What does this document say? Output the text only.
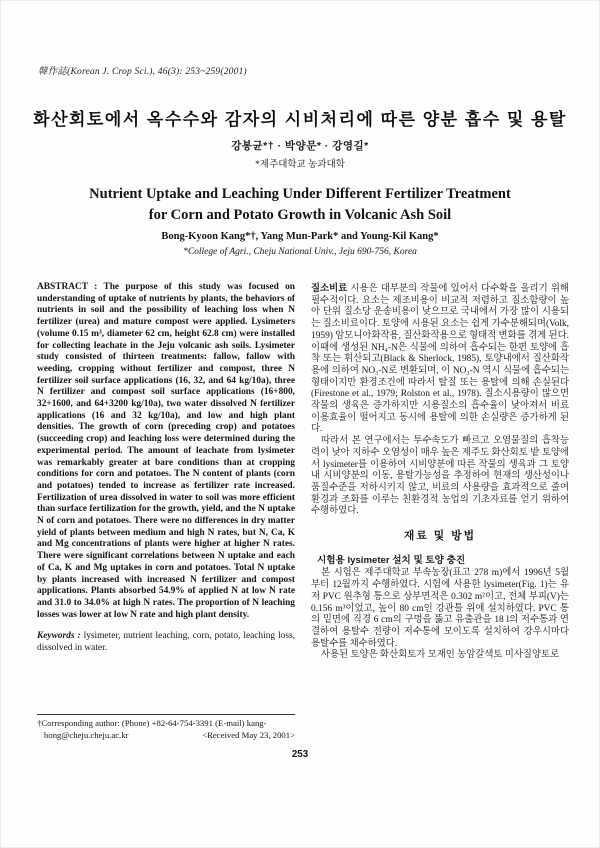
韓作誌(Korean J. Crop Sci.), 46(3): 253~259(2001)
화산회토에서 옥수수와 감자의 시비처리에 따른 양분 흡수 및 용탈
강봉균*† · 박양문* · 강영길*
*제주대학교 농과대학
Nutrient Uptake and Leaching Under Different Fertilizer Treatment
for Corn and Potato Growth in Volcanic Ash Soil
Bong-Kyoon Kang*†, Yang Mun-Park* and Young-Kil Kang*
*College of Agri., Cheju National Univ., Jeju 690-756, Korea

ABSTRACT : The purpose of this study was focused on understanding of uptake of nutrients by plants, the behaviors of nutrients in soil and the possibility of leaching loss when N fertilizer (urea) and mature compost were applied. Lysimeters (volume 0.15 m³, diameter 62 cm, height 62.8 cm) were installed for collecting leachate in the Jeju volcanic ash soils. Lysimeter study consisted of thirteen treatments: fallow, fallow with weeding, cropping without fertilizer and compost, three N fertilizer soil surface applications (16, 32, and 64 kg/10a), three N fertilizer and compost soil surface applications (16+800, 32+1600, and 64+3200 kg/10a), two water dissolved N fertilizer applications (16 and 32 kg/10a), and low and high plant densities. The growth of corn (preceding crop) and potatoes (succeeding crop) and leaching loss were determined during the experimental period. The amount of leachate from lysimeter was remarkably greater at bare conditions than at cropping conditions for corn and potatoes. The N content of plants (corn and potatoes) tended to increase as fertilizer rate increased. Fertilization of urea dissolved in water to soil was more efficient than surface fertilization for the growth, yield, and the N uptake N of corn and potatoes. There were no differences in dry matter yield of plants between medium and high N rates, but N, Ca, K and Mg concentrations of plants were higher at higher N rates. There were significant correlations between N uptake and each of Ca, K and Mg uptakes in corn and potatoes. Total N uptake by plants increased with increased N fertilizer and compost applications. Plants absorbed 54.9% of applied N at low N rate and 31.0 to 34.0% at high N rates. The proportion of N leaching losses was lower at low N rate and high plant density.

Keywords : lysimeter, nutrient leaching, corn, potato, leaching loss, dissolved in water.

†Corresponding author: (Phone) +82-64-754-3391 (E-mail) kang-
bong@cheju.cheju.ac.kr	<Received May 23, 2001>

질소비료 시용은 대부분의 작물에 있어서 다수확을 올리기 위해 필수적이다. 요소는 제조비용이 비교적 저렴하고 질소함량이 높아 단위 질소당 운송비용이 낮으므로 국내에서 가장 많이 시용되는 질소비료이다. 토양에 시용된 요소는 쉽게 가수분해되며(Volk, 1959) 암모니아화작용, 질산화작용으로 형태적 변화를 겪게 된다. 이때에 생성된 NH₄-N은 식물에 의하여 흡수되는 한편 토양에 흡착 또는 휘산되고(Black & Sherlock, 1985), 토양내에서 질산화작용에 의하여 NO₃-N로 변환되며, 이 NO₃-N 역시 식물에 흡수되는 형태이지만 환경조건에 따라서 탈질 또는 용탈에 의해 손실된다(Firestone et al., 1979; Rolston et al., 1978). 질소시용량이 많으면 작물의 생육은 증가하지만 시용질소의 흡수율이 낮아져서 비료 이용효율이 떨어지고 동시에 용탈에 의한 손실량은 증가하게 된다.

따라서 본 연구에서는 투수속도가 빠르고 오염물질의 흡착능력이 낮아 지하수 오염성이 매우 높은 제주도 화산회토 밭 토양에서 lysimeter를 이용하여 시비양분에 따른 작물의 생육과 그 토양내 시비양분의 이동, 용탈가능성을 추정하여 현재의 생산성이나 품질수준을 저하시키지 않고, 비료의 사용량을 효과적으로 줄여 환경과 조화를 이루는 친환경적 농업의 기초자료를 얻기 위하여 수행하였다.

재료 및 방법

시험용 lysimeter 설치 및 토양 충진

본 시험은 제주대학교 부속농장(표고 278 m)에서 1996년 5월부터 12월까지 수행하였다. 시험에 사용한 lysimeter(Fig. 1)는 유저 PVC 원추형 통으로 상부면적은 0.302 m²이고, 전체 부피(V)는 0.156 m³이었고, 높이 80 cm인 강관틀 위에 설치하였다. PVC 통의 밑면에 직경 6 cm의 구멍을 뚫고 유출관을 18 l의 저수통과 연결하여 용탈수 전량이 저수통에 모이도록 설치하여 강우시마다 용탈수를 채수하였다.

사용된 토양은 화산회토가 모재인 농암갈색토 미사질양토로

253
